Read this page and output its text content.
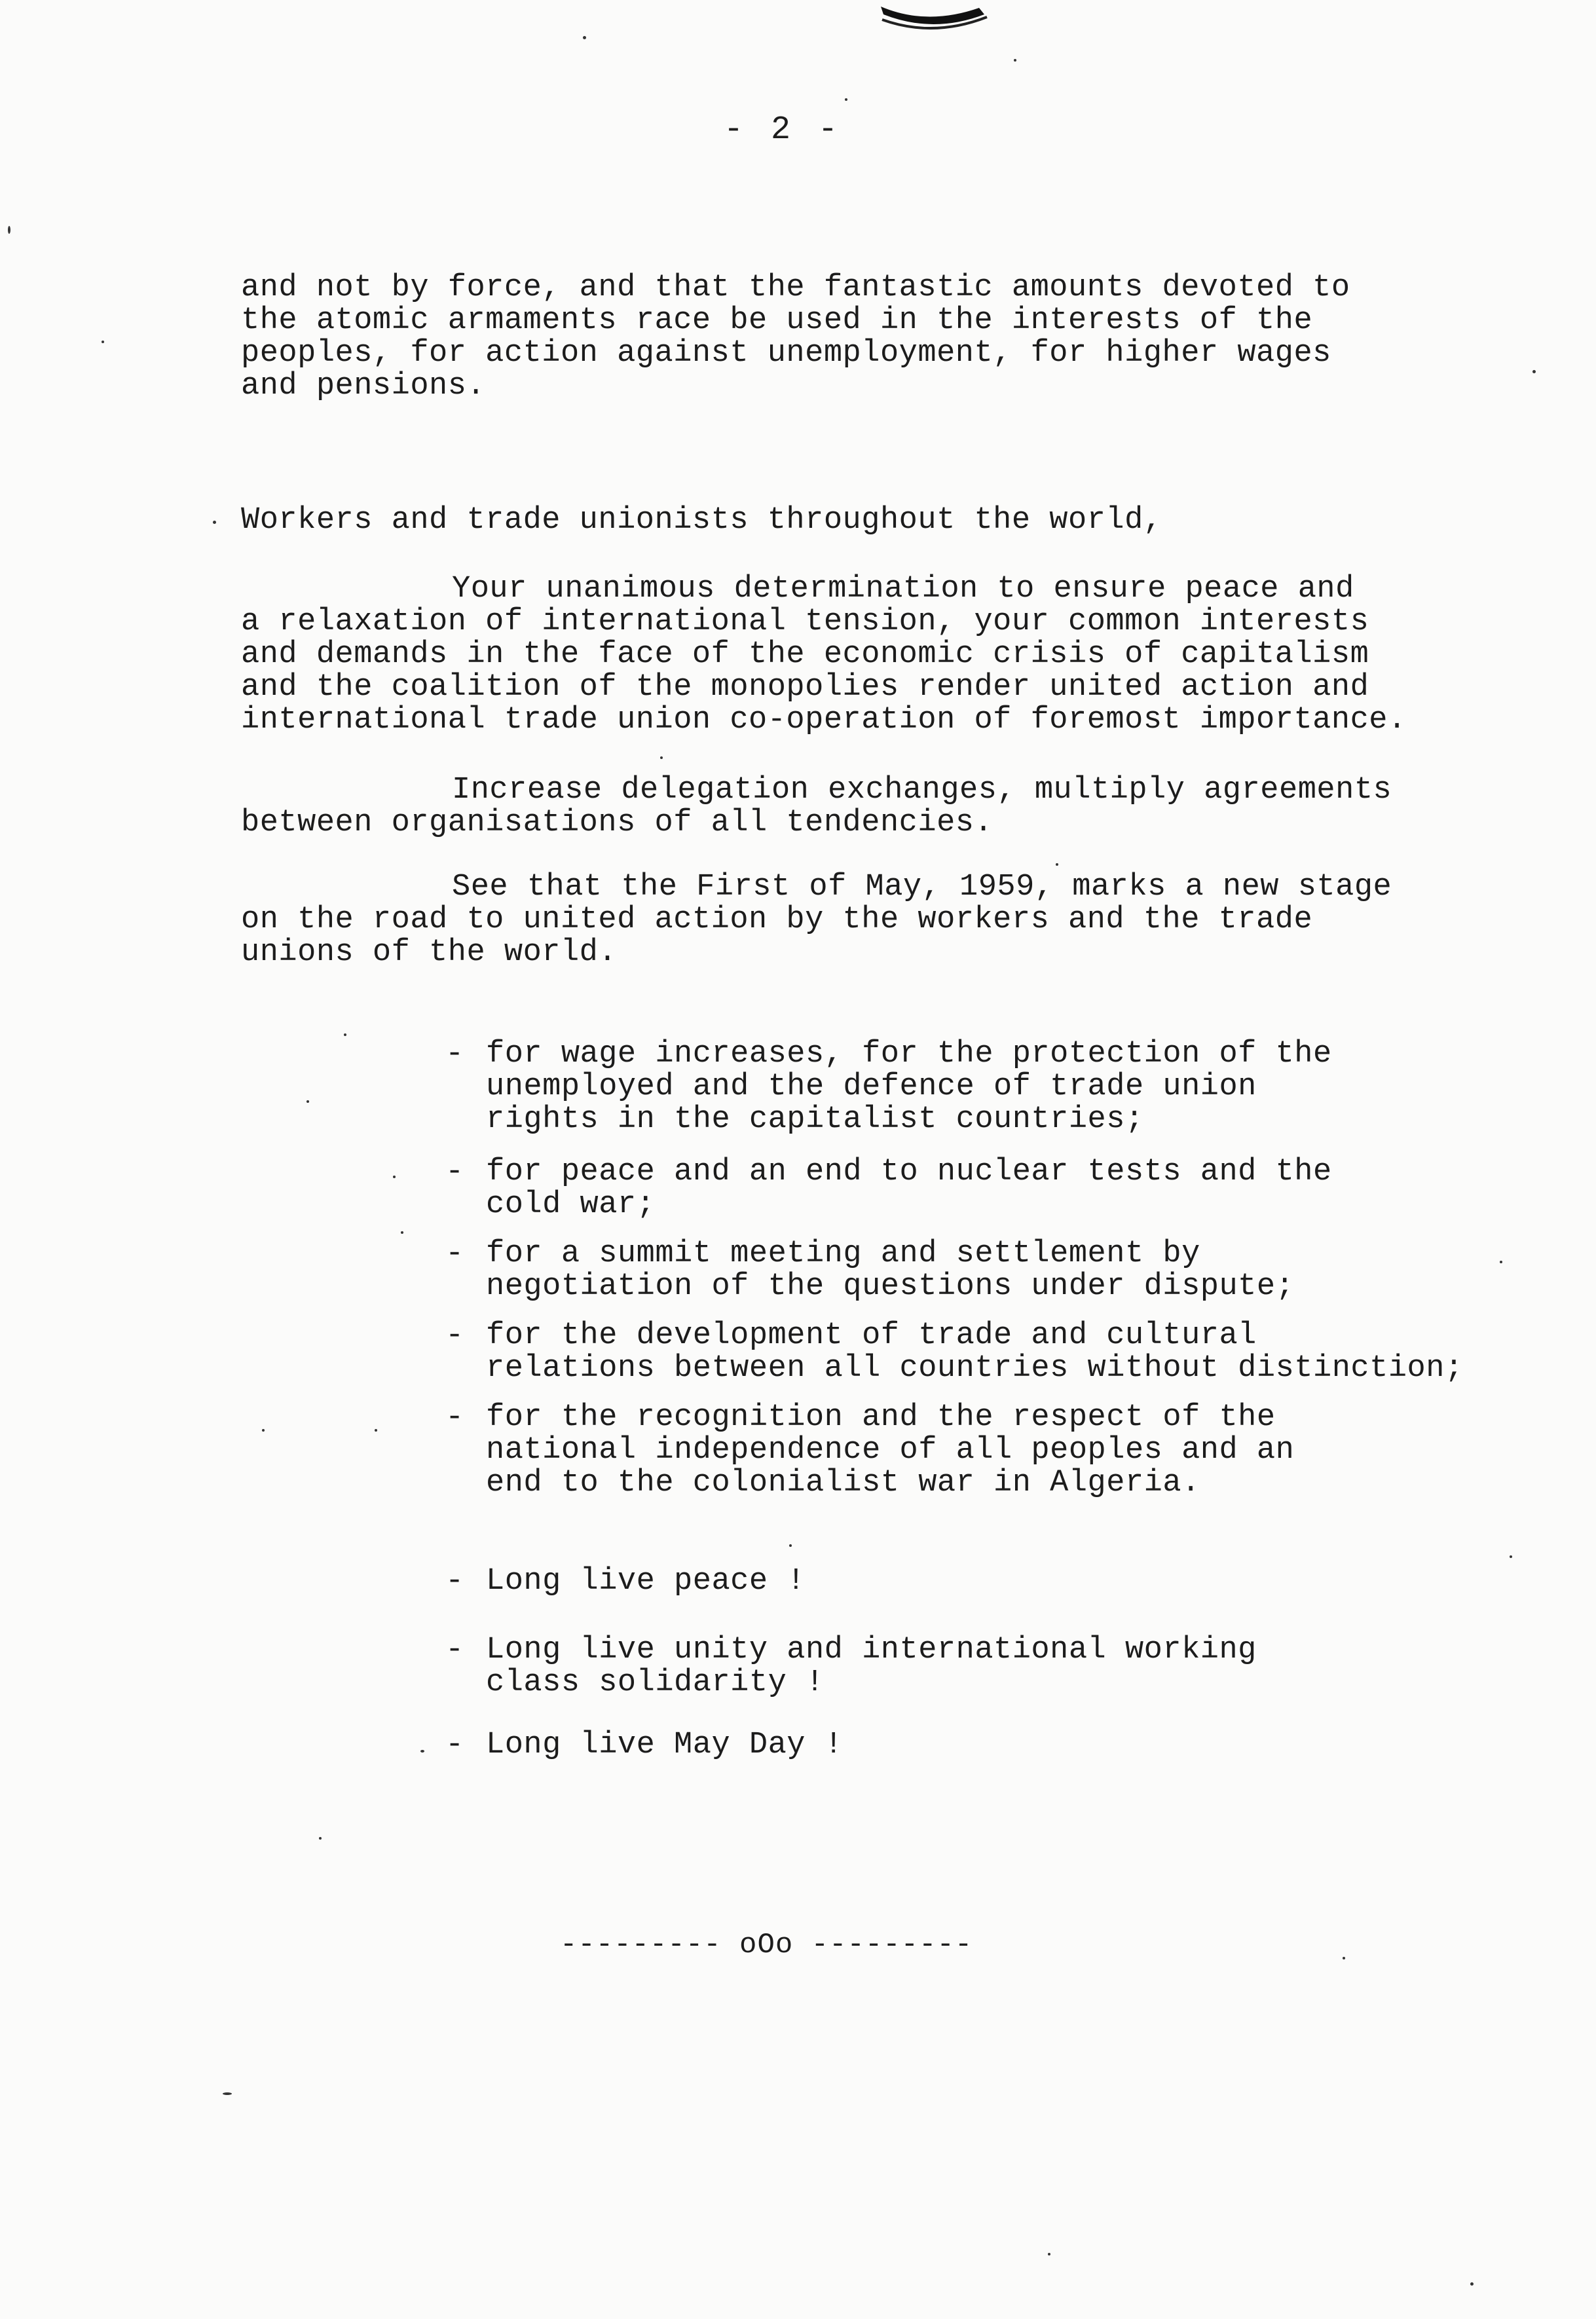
- 2 -
and not by force, and that the fantastic amounts devoted to
the atomic armaments race be used in the interests of the
peoples, for action against unemployment, for higher wages
and pensions.
Workers and trade unionists throughout the world,
Your unanimous determination to ensure peace and
a relaxation of international tension, your common interests
and demands in the face of the economic crisis of capitalism
and the coalition of the monopolies render united action and
international trade union co-operation of foremost importance.
Increase delegation exchanges, multiply agreements
between organisations of all tendencies.
See that the First of May, 1959, marks a new stage
on the road to united action by the workers and the trade
unions of the world.

-

for wage increases, for the protection of the
unemployed and the defence of trade union
rights in the capitalist countries;

-

for peace and an end to nuclear tests and the
cold war;

-

for a summit meeting and settlement by
negotiation of the questions under dispute;

-

for the development of trade and cultural
relations between all countries without distinction;

-

for the recognition and the respect of the
national independence of all peoples and an
end to the colonialist war in Algeria.

-

Long live peace !

-

Long live unity and international working
class solidarity !

-

Long live May Day !

--------- oOo ---------
